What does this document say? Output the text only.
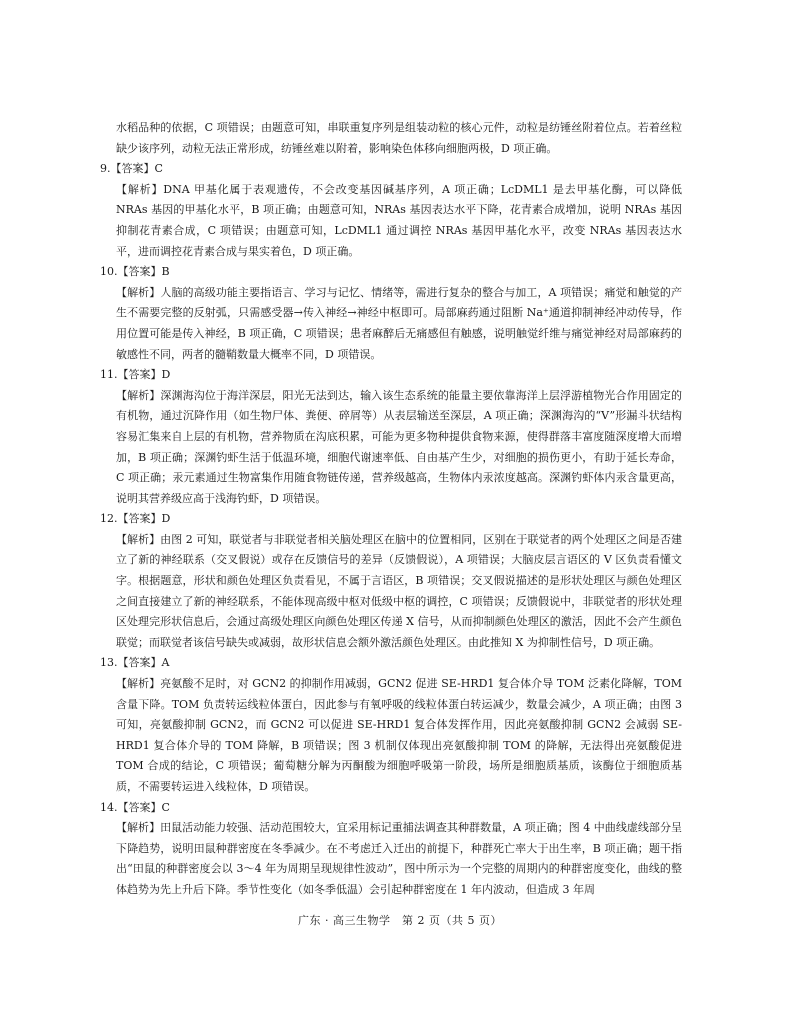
水稻品种的依据，C 项错误；由题意可知，串联重复序列是组装动粒的核心元件，动粒是纺锤丝附着位点。若着丝粒缺少该序列，动粒无法正常形成，纺锤丝难以附着，影响染色体移向细胞两极，D 项正确。

9.【答案】C

【解析】DNA 甲基化属于表观遗传，不会改变基因碱基序列，A 项正确；LcDML1 是去甲基化酶，可以降低 NRAs 基因的甲基化水平，B 项正确；由题意可知，NRAs 基因表达水平下降，花青素合成增加，说明 NRAs 基因抑制花青素合成，C 项错误；由题意可知，LcDML1 通过调控 NRAs 基因甲基化水平，改变 NRAs 基因表达水平，进而调控花青素合成与果实着色，D 项正确。

10.【答案】B

【解析】人脑的高级功能主要指语言、学习与记忆、情绪等，需进行复杂的整合与加工，A 项错误；痛觉和触觉的产生不需要完整的反射弧，只需感受器→传入神经→神经中枢即可。局部麻药通过阻断 Na⁺通道抑制神经冲动传导，作用位置可能是传入神经，B 项正确，C 项错误；患者麻醉后无痛感但有触感，说明触觉纤维与痛觉神经对局部麻药的敏感性不同，两者的髓鞘数量大概率不同，D 项错误。

11.【答案】D

【解析】深渊海沟位于海洋深层，阳光无法到达，输入该生态系统的能量主要依靠海洋上层浮游植物光合作用固定的有机物，通过沉降作用（如生物尸体、粪便、碎屑等）从表层输送至深层，A 项正确；深渊海沟的“V”形漏斗状结构容易汇集来自上层的有机物，营养物质在沟底积累，可能为更多物种提供食物来源，使得群落丰富度随深度增大而增加，B 项正确；深渊钓虾生活于低温环境，细胞代谢速率低、自由基产生少，对细胞的损伤更小，有助于延长寿命，C 项正确；汞元素通过生物富集作用随食物链传递，营养级越高，生物体内汞浓度越高。深渊钓虾体内汞含量更高，说明其营养级应高于浅海钓虾，D 项错误。

12.【答案】D

【解析】由图 2 可知，联觉者与非联觉者相关脑处理区在脑中的位置相同，区别在于联觉者的两个处理区之间是否建立了新的神经联系（交叉假说）或存在反馈信号的差异（反馈假说），A 项错误；大脑皮层言语区的 V 区负责看懂文字。根据题意，形状和颜色处理区负责看见，不属于言语区，B 项错误；交叉假说描述的是形状处理区与颜色处理区之间直接建立了新的神经联系，不能体现高级中枢对低级中枢的调控，C 项错误；反馈假说中，非联觉者的形状处理区处理完形状信息后，会通过高级处理区向颜色处理区传递 X 信号，从而抑制颜色处理区的激活，因此不会产生颜色联觉；而联觉者该信号缺失或减弱，故形状信息会额外激活颜色处理区。由此推知 X 为抑制性信号，D 项正确。

13.【答案】A

【解析】亮氨酸不足时，对 GCN2 的抑制作用减弱，GCN2 促进 SE-HRD1 复合体介导 TOM 泛素化降解，TOM 含量下降。TOM 负责转运线粒体蛋白，因此参与有氧呼吸的线粒体蛋白转运减少，数量会减少，A 项正确；由图 3 可知，亮氨酸抑制 GCN2，而 GCN2 可以促进 SE-HRD1 复合体发挥作用，因此亮氨酸抑制 GCN2 会减弱 SE-HRD1 复合体介导的 TOM 降解，B 项错误；图 3 机制仅体现出亮氨酸抑制 TOM 的降解，无法得出亮氨酸促进 TOM 合成的结论，C 项错误；葡萄糖分解为丙酮酸为细胞呼吸第一阶段，场所是细胞质基质，该酶位于细胞质基质，不需要转运进入线粒体，D 项错误。

14.【答案】C

【解析】田鼠活动能力较强、活动范围较大，宜采用标记重捕法调查其种群数量，A 项正确；图 4 中曲线虚线部分呈下降趋势，说明田鼠种群密度在冬季减少。在不考虑迁入迁出的前提下，种群死亡率大于出生率，B 项正确；题干指出“田鼠的种群密度会以 3～4 年为周期呈现规律性波动”，图中所示为一个完整的周期内的种群密度变化，曲线的整体趋势为先上升后下降。季节性变化（如冬季低温）会引起种群密度在 1 年内波动，但造成 3 年周

广东 · 高三生物学　第 2 页（共 5 页）
